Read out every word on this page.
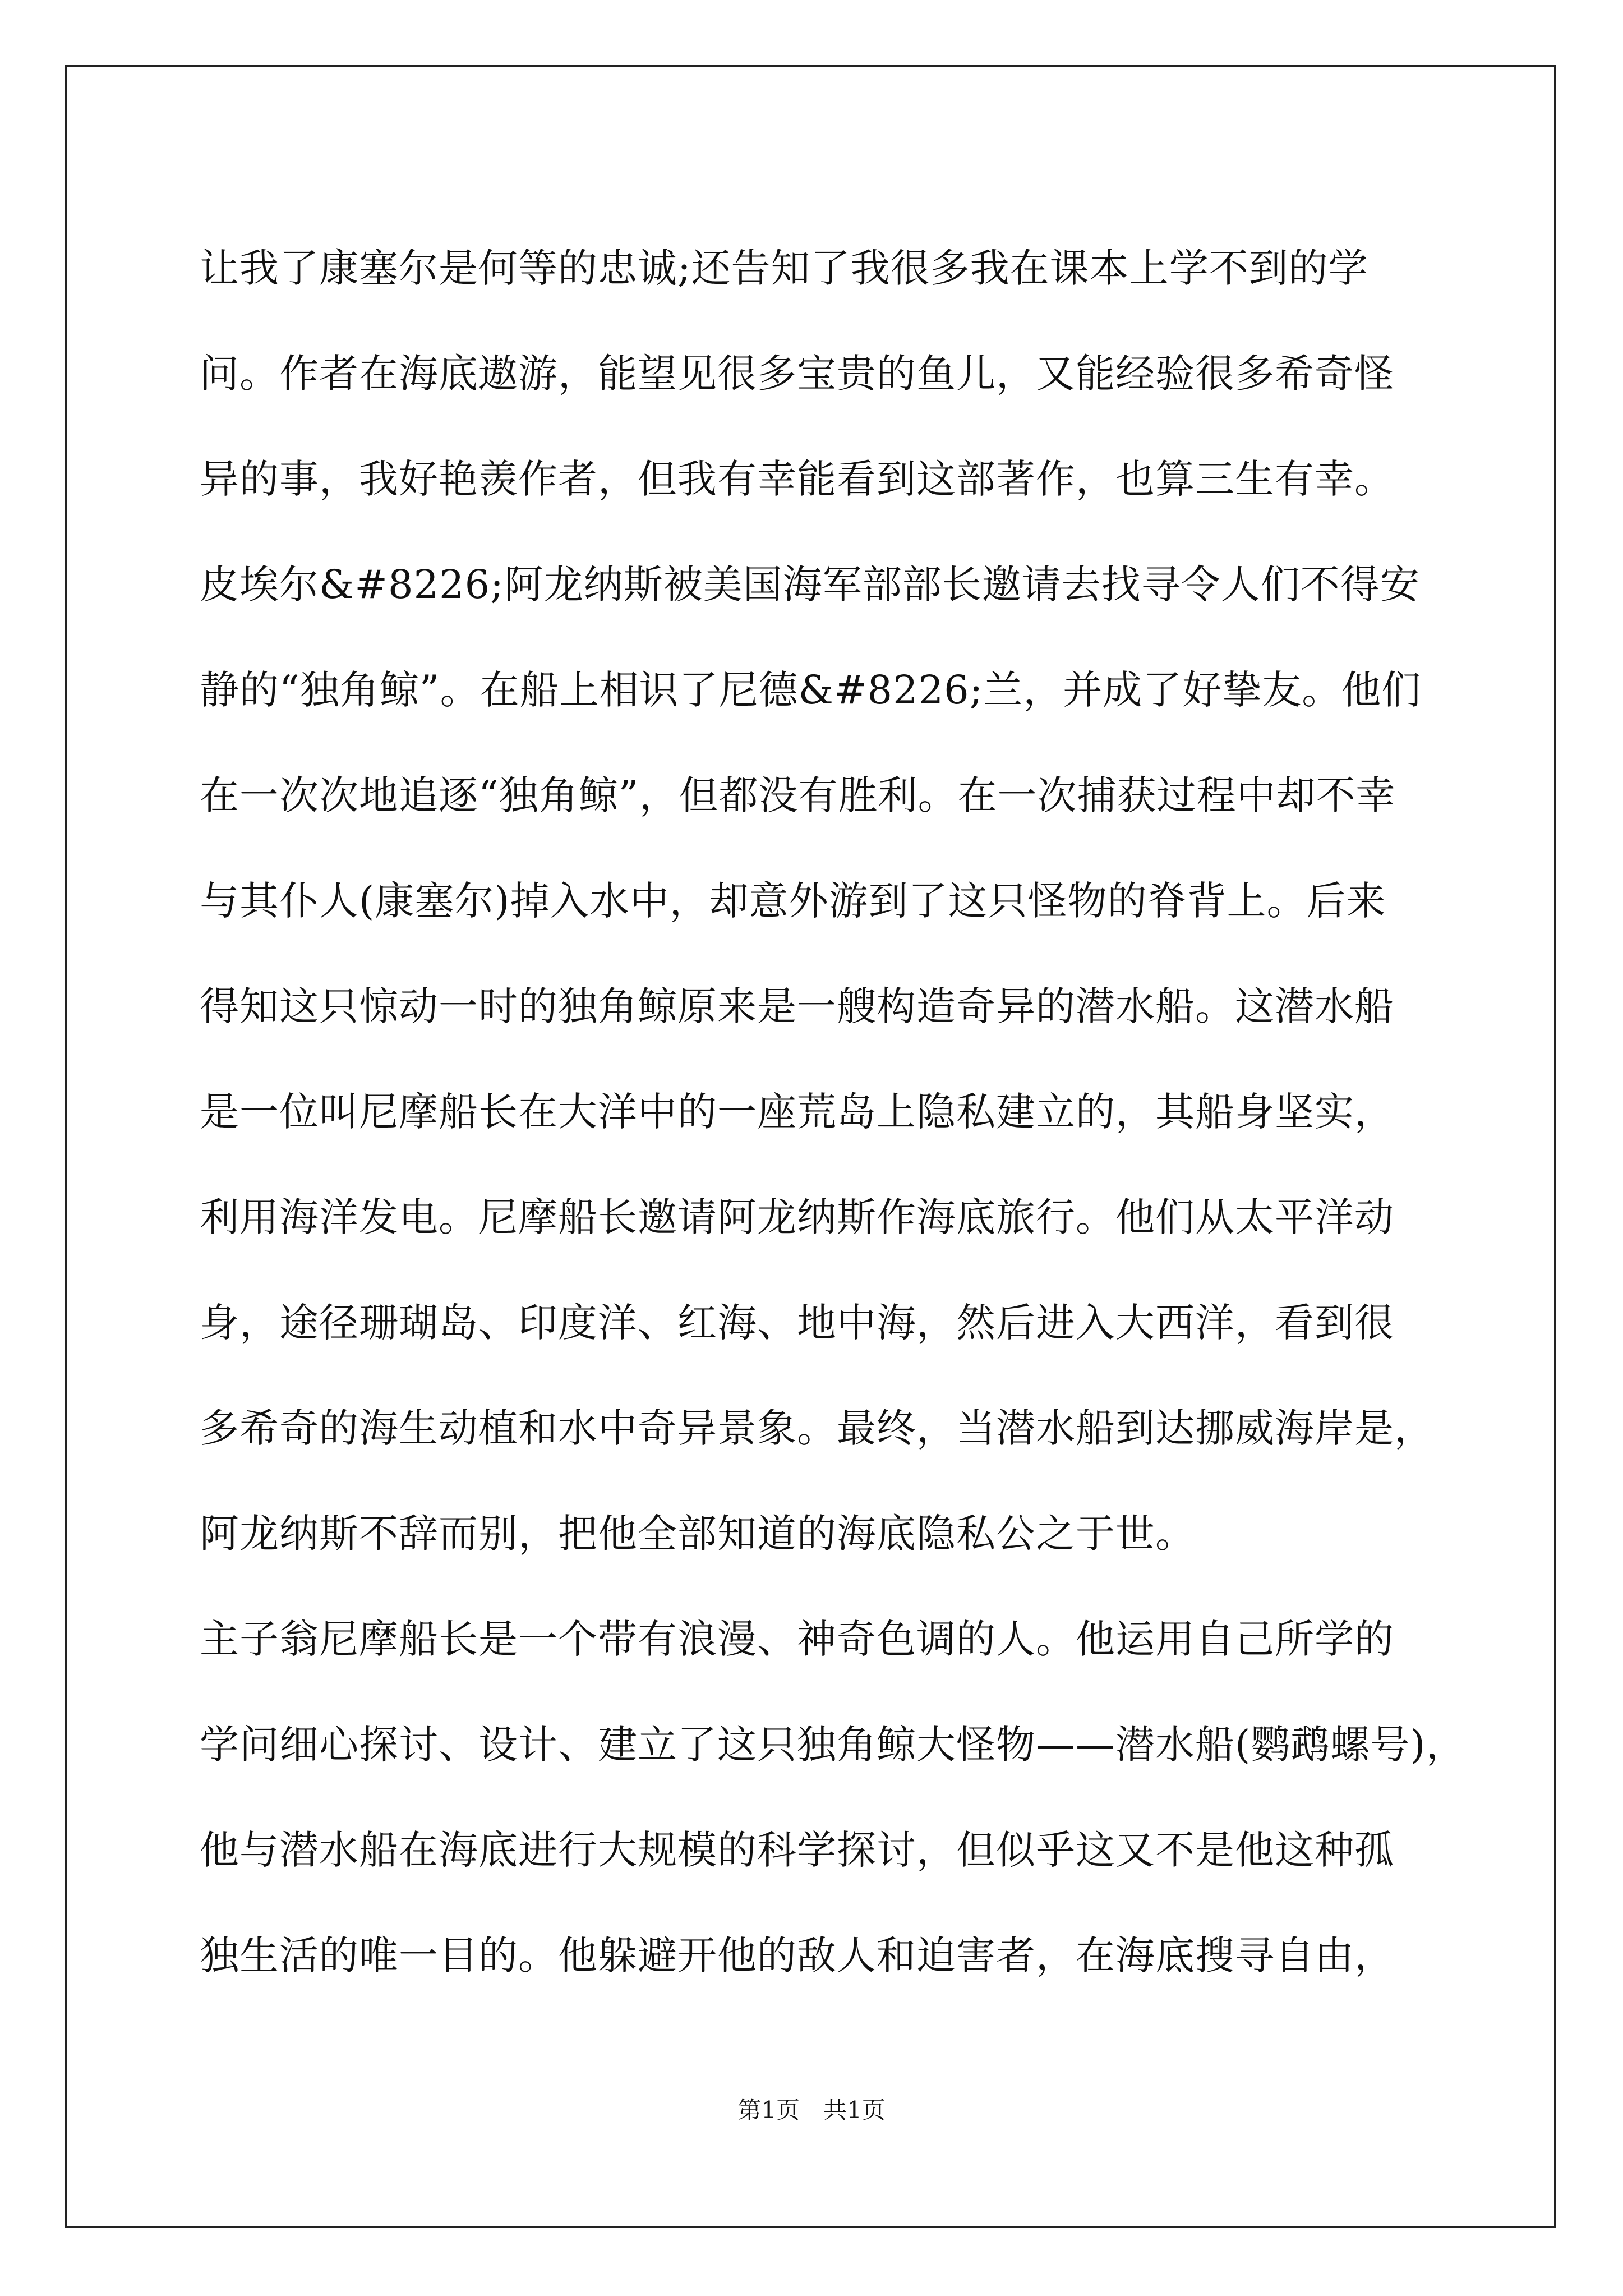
让我了康塞尔是何等的忠诚;还告知了我很多我在课本上学不到的学
问。作者在海底遨游，能望见很多宝贵的鱼儿，又能经验很多希奇怪
异的事，我好艳羡作者，但我有幸能看到这部著作，也算三生有幸。
皮埃尔&#8226;阿龙纳斯被美国海军部部长邀请去找寻令人们不得安
静的“独角鲸”。在船上相识了尼德&#8226;兰，并成了好挚友。他们
在一次次地追逐“独角鲸”，但都没有胜利。在一次捕获过程中却不幸
与其仆人(康塞尔)掉入水中，却意外游到了这只怪物的脊背上。后来
得知这只惊动一时的独角鲸原来是一艘构造奇异的潜水船。这潜水船
是一位叫尼摩船长在大洋中的一座荒岛上隐私建立的，其船身坚实，
利用海洋发电。尼摩船长邀请阿龙纳斯作海底旅行。他们从太平洋动
身，途径珊瑚岛、印度洋、红海、地中海，然后进入大西洋，看到很
多希奇的海生动植和水中奇异景象。最终，当潜水船到达挪威海岸是，
阿龙纳斯不辞而别，把他全部知道的海底隐私公之于世。
主子翁尼摩船长是一个带有浪漫、神奇色调的人。他运用自己所学的
学问细心探讨、设计、建立了这只独角鲸大怪物——潜水船(鹦鹉螺号)，
他与潜水船在海底进行大规模的科学探讨，但似乎这又不是他这种孤
独生活的唯一目的。他躲避开他的敌人和迫害者，在海底搜寻自由，
第1页　共1页
